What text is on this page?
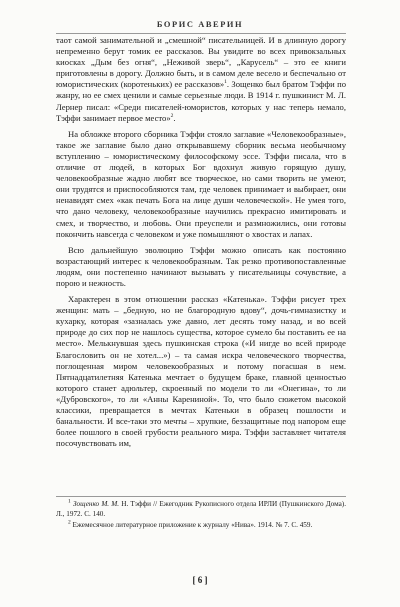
БОРИС АВЕРИН

таот самой занимательной и „смешной“ писательницей. И в длинную дорогу непременно берут томик ее рассказов. Вы увидите во всех привокзальных киосках „Дым без огня“, „Неживой зверь“, „Карусель“ – это ее книги приготовлены в дорогу. Должно быть, и в самом деле весело и беспечально от юмористических (коротеньких) ее рассказов»$^1$. Зощенко был братом Тэффи по жанру, но ее смех ценили и самые серьезные люди. В 1914 г. пушкинист М. Л. Лернер писал: «Среди писателей-юмористов, которых у нас теперь немало, Тэффи занимает первое место»$^2$.

На обложке второго сборника Тэффи стояло заглавие «Человекообразные», такое же заглавие было дано открывавшему сборник весьма необычному вступлению – юмористическому философскому эссе. Тэффи писала, что в отличие от людей, в которых Бог вдохнул живую горящую душу, человекообразные жадно любят все творческое, но сами творить не умеют, они трудятся и приспособляются там, где человек принимает и выбирает, они ненавидят смех «как печать Бога на лице души человеческой». Не умея того, что дано человеку, человекообразные научились прекрасно имитировать и смех, и творчество, и любовь. Они преуспели и размножились, они готовы покончить навсегда с человеком и уже помышляют о хвостах и лапах.

Всю дальнейшую эволюцию Тэффи можно описать как постоянно возрастающий интерес к человекообразным. Так резко противопоставленные людям, они постепенно начинают вызывать у писательницы сочувствие, а порою и нежность.

Характерен в этом отношении рассказ «Катенька». Тэффи рисует трех женщин: мать – „бедную, но не благородную вдову“, дочь-гимназистку и кухарку, которая «зазналась уже давно, лет десять тому назад, и во всей природе до сих пор не нашлось существа, которое сумело бы поставить ее на место». Мелькнувшая здесь пушкинская строка («И нигде во всей природе Благословить он не хотел...») – та самая искра человеческого творчества, поглощенная миром человекообразных и потому погасшая в нем. Пятнадцатилетняя Катенька мечтает о будущем браке, главной ценностью которого станет адюльтер, скроенный по модели то ли «Онегина», то ли «Дубровского», то ли «Анны Карениной». То, что было сюжетом высокой классики, превращается в мечтах Катеньки в образец пошлости и банальности. И все-таки это мечты – хрупкие, беззащитные под напором еще более пошлого в своей грубости реального мира. Тэффи заставляет читателя посочувствовать им,

$^1$ Зощенко М. М. Н. Тэффи // Ежегодник Рукописного отдела ИРЛИ (Пушкинского Дома). Л., 1972. С. 140.

$^2$ Ежемесячное литературное приложение к журналу «Нива». 1914. № 7. С. 459.

[ 6 ]
